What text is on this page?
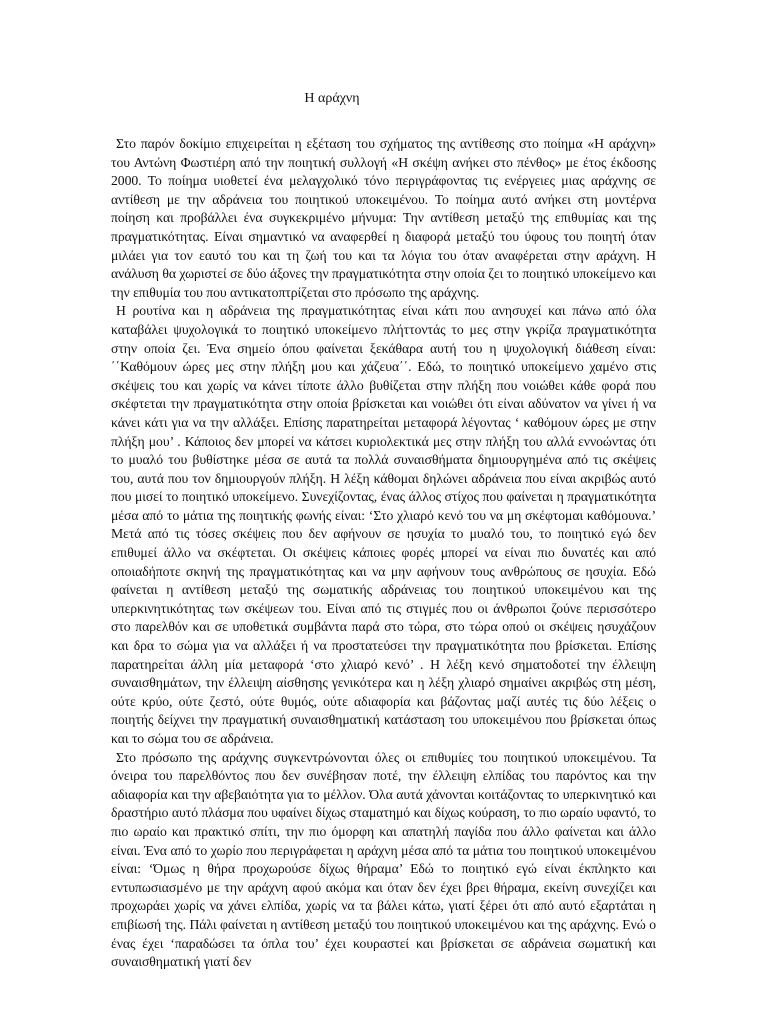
Η αράχνη

Στο παρόν δοκίμιο επιχειρείται η εξέταση του σχήματος της αντίθεσης στο ποίημα «Η αράχνη» του Αντώνη Φωστιέρη από την ποιητική συλλογή «Η σκέψη ανήκει στο πένθος» με έτος έκδοσης 2000. Το ποίημα υιοθετεί ένα μελαγχολικό τόνο περιγράφοντας τις ενέργειες μιας αράχνης σε αντίθεση με την αδράνεια του ποιητικού υποκειμένου. Το ποίημα αυτό ανήκει στη μοντέρνα ποίηση και προβάλλει ένα συγκεκριμένο μήνυμα: Την αντίθεση μεταξύ της επιθυμίας και της πραγματικότητας. Είναι σημαντικό να αναφερθεί η διαφορά μεταξύ του ύφους του ποιητή όταν μιλάει για τον εαυτό του και τη ζωή του και τα λόγια του όταν αναφέρεται στην αράχνη. Η ανάλυση θα χωριστεί σε δύο άξονες την πραγματικότητα στην οποία ζει το ποιητικό υποκείμενο και την επιθυμία του που αντικατοπτρίζεται στο πρόσωπο της αράχνης.

Η ρουτίνα και η αδράνεια της πραγματικότητας είναι κάτι που ανησυχεί και πάνω από όλα καταβάλει ψυχολογικά το ποιητικό υποκείμενο πλήττοντάς το μες στην γκρίζα πραγματικότητα στην οποία ζει. Ένα σημείο όπου φαίνεται ξεκάθαρα αυτή του η ψυχολογική διάθεση είναι: ΄΄Καθόμουν ώρες μες στην πλήξη μου και χάζευα΄΄. Εδώ, το ποιητικό υποκείμενο χαμένο στις σκέψεις του και χωρίς να κάνει τίποτε άλλο βυθίζεται στην πλήξη που νοιώθει κάθε φορά που σκέφτεται την πραγματικότητα στην οποία βρίσκεται και νοιώθει ότι είναι αδύνατον να γίνει ή να κάνει κάτι για να την αλλάξει. Επίσης παρατηρείται μεταφορά λέγοντας ‘ καθόμουν ώρες με στην πλήξη μου’ . Κάποιος δεν μπορεί να κάτσει κυριολεκτικά μες στην πλήξη του αλλά εννοώντας ότι το μυαλό του βυθίστηκε μέσα σε αυτά τα πολλά συναισθήματα δημιουργημένα από τις σκέψεις του, αυτά που τον δημιουργούν πλήξη. Η λέξη κάθομαι δηλώνει αδράνεια που είναι ακριβώς αυτό που μισεί το ποιητικό υποκείμενο. Συνεχίζοντας, ένας άλλος στίχος που φαίνεται η πραγματικότητα μέσα από το μάτια της ποιητικής φωνής είναι: ‘Στο χλιαρό κενό του να μη σκέφτομαι καθόμουνα.’ Μετά από τις τόσες σκέψεις που δεν αφήνουν σε ησυχία το μυαλό του, το ποιητικό εγώ δεν επιθυμεί άλλο να σκέφτεται. Οι σκέψεις κάποιες φορές μπορεί να είναι πιο δυνατές και από οποιαδήποτε σκηνή της πραγματικότητας και να μην αφήνουν τους ανθρώπους σε ησυχία. Εδώ φαίνεται η αντίθεση μεταξύ της σωματικής αδράνειας του ποιητικού υποκειμένου και της υπερκινητικότητας των σκέψεων του. Είναι από τις στιγμές που οι άνθρωποι ζούνε περισσότερο στο παρελθόν και σε υποθετικά συμβάντα παρά στο τώρα, στο τώρα οπού οι σκέψεις ησυχάζουν και δρα το σώμα για να αλλάξει ή να προστατεύσει την πραγματικότητα που βρίσκεται. Επίσης παρατηρείται άλλη μία μεταφορά ‘στο χλιαρό κενό’ . Η λέξη κενό σηματοδοτεί την έλλειψη συναισθημάτων, την έλλειψη αίσθησης γενικότερα και η λέξη χλιαρό σημαίνει ακριβώς στη μέση, ούτε κρύο, ούτε ζεστό, ούτε θυμός, ούτε αδιαφορία και βάζοντας μαζί αυτές τις δύο λέξεις ο ποιητής δείχνει την πραγματική συναισθηματική κατάσταση του υποκειμένου που βρίσκεται όπως και το σώμα του σε αδράνεια.

Στο πρόσωπο της αράχνης συγκεντρώνονται όλες οι επιθυμίες του ποιητικού υποκειμένου. Τα όνειρα του παρελθόντος που δεν συνέβησαν ποτέ, την έλλειψη ελπίδας του παρόντος και την αδιαφορία και την αβεβαιότητα για το μέλλον. Όλα αυτά χάνονται κοιτάζοντας το υπερκινητικό και δραστήριο αυτό πλάσμα που υφαίνει δίχως σταματημό και δίχως κούραση, το πιο ωραίο υφαντό, το πιο ωραίο και πρακτικό σπίτι, την πιο όμορφη και απατηλή παγίδα που άλλο φαίνεται και άλλο είναι. Ένα από το χωρίο που περιγράφεται η αράχνη μέσα από τα μάτια του ποιητικού υποκειμένου είναι: ‘Όμως η θήρα προχωρούσε δίχως θήραμα’ Εδώ το ποιητικό εγώ είναι έκπληκτο και εντυπωσιασμένο με την αράχνη αφού ακόμα και όταν δεν έχει βρει θήραμα, εκείνη συνεχίζει και προχωράει χωρίς να χάνει ελπίδα, χωρίς να τα βάλει κάτω, γιατί ξέρει ότι από αυτό εξαρτάται η επιβίωσή της. Πάλι φαίνεται η αντίθεση μεταξύ του ποιητικού υποκειμένου και της αράχνης. Ενώ ο ένας έχει ‘παραδώσει τα όπλα του’ έχει κουραστεί και βρίσκεται σε αδράνεια σωματική και συναισθηματική γιατί δεν
